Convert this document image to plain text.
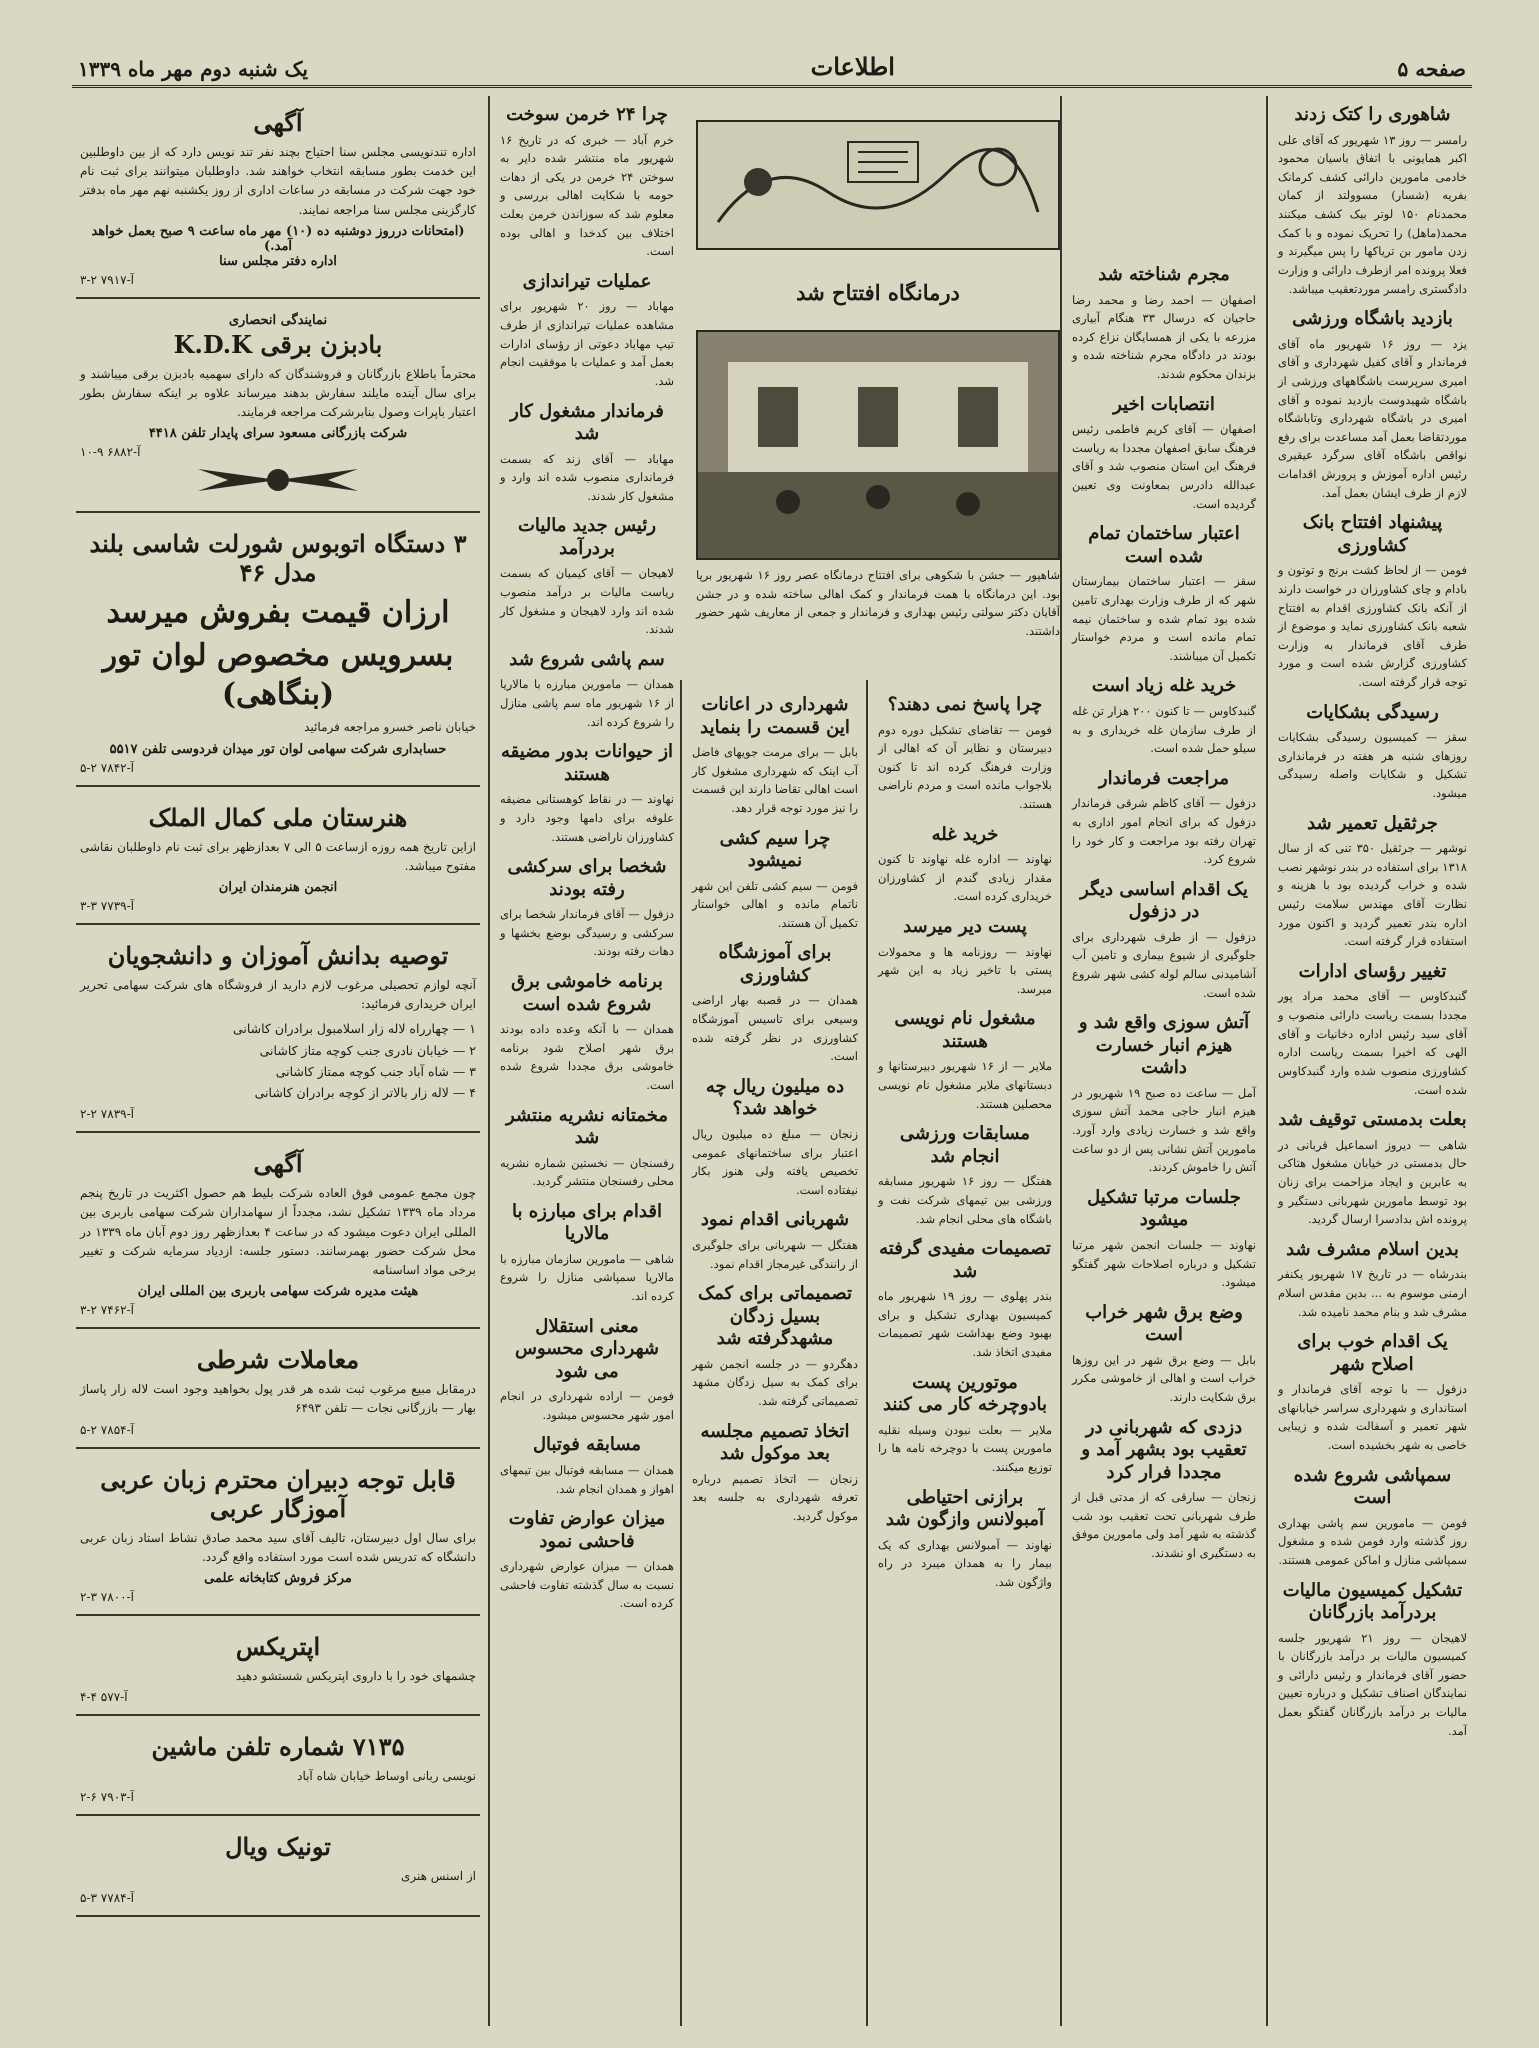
صفحه ۵
اطلاعات
یک شنبه دوم مهر ماه ۱۳۳۹
شاهوری را کتک زدند

رامسر — روز ۱۳ شهریور که آقای علی اکبر همایونی با اتفاق باسیان محمود خادمی مامورین دارائی کشف کرمانک بفریه (شسار) مسوولتد از کمان محمدنام ۱۵۰ لوتر بیک کشف میکنند محمد(ماهل) را تحریک نموده و با کمک زدن مامور بن تریاکها را پس میگیرند و فعلا پرونده امر ازطرف دارائی و وزارت دادگستری رامسر موردتعقیب میباشد.

بازدید باشگاه ورزشی

یزد — روز ۱۶ شهریور ماه آقای فرماندار و آقای کفیل شهرداری و آقای امیری سرپرست باشگاههای ورزشی از باشگاه شهیدوست بازدید نموده و آقای امیری در باشگاه شهرداری وتاباشگاه موردتقاضا بعمل آمد مساعدت برای رفع نواقص باشگاه آقای سرگرد عیقیری رئیس اداره آموزش و پرورش اقدامات لازم از طرف ایشان بعمل آمد.

پیشنهاد افتتاح بانک کشاورزی

فومن — از لحاظ کشت برنج و توتون و بادام و چای کشاورزان در خواست دارند از آنکه بانک کشاورزی اقدام به افتتاح شعبه بانک کشاورزی نماید و موضوع از طرف آقای فرماندار به وزارت کشاورزی گزارش شده است و مورد توجه قرار گرفته است.

رسیدگی بشکایات

سقز — کمیسیون رسیدگی بشکایات روزهای شنبه هر هفته در فرمانداری تشکیل و شکایات واصله رسیدگی میشود.

جرثقیل تعمیر شد

نوشهر — جرثقیل ۳۵۰ تنی که از سال ۱۳۱۸ برای استفاده در بندر نوشهر نصب شده و خراب گردیده بود با هزینه و نظارت آقای مهندس سلامت رئیس اداره بندر تعمیر گردید و اکنون مورد استفاده قرار گرفته است.

تغییر رؤسای ادارات

گنبدکاوس — آقای محمد مراد پور مجددا بسمت ریاست دارائی منصوب و آقای سید رئیس اداره دخانیات و آقای الهی که اخیرا بسمت ریاست اداره کشاورزی منصوب شده وارد گنبدکاوس شده است.

بعلت بدمستی توقیف شد

شاهی — دیروز اسماعیل قربانی در حال بدمستی در خیابان مشغول هتاکی به عابرین و ایجاد مزاحمت برای زنان بود توسط مامورین شهربانی دستگیر و پرونده اش بدادسرا ارسال گردید.

بدین اسلام مشرف شد

بندرشاه — در تاریخ ۱۷ شهریور یکنفر ارمنی موسوم به ... بدین مقدس اسلام مشرف شد و بنام محمد نامیده شد.

یک اقدام خوب برای اصلاح شهر

دزفول — با توجه آقای فرماندار و استانداری و شهرداری سراسر خیابانهای شهر تعمیر و آسفالت شده و زیبایی خاصی به شهر بخشیده است.

سمپاشی شروع شده است

فومن — مامورین سم پاشی بهداری روز گذشته وارد فومن شده و مشغول سمپاشی منازل و اماکن عمومی هستند.

تشکیل کمیسیون مالیات بردرآمد بازرگانان

لاهیجان — روز ۲۱ شهریور جلسه کمیسیون مالیات بر درآمد بازرگانان با حضور آقای فرماندار و رئیس دارائی و نمایندگان اصناف تشکیل و درباره تعیین مالیات بر درآمد بازرگانان گفتگو بعمل آمد.

مجرم شناخته شد

اصفهان — احمد رضا و محمد رضا حاجیان که درسال ۳۳ هنگام آبیاری مزرعه با یکی از همسایگان نزاع کرده بودند در دادگاه مجرم شناخته شده و بزندان محکوم شدند.

انتصابات اخیر

اصفهان — آقای کریم فاطمی رئیس فرهنگ سابق اصفهان مجددا به ریاست فرهنگ این استان منصوب شد و آقای عبدالله دادرس بمعاونت وی تعیین گردیده است.

اعتبار ساختمان تمام شده است

سقز — اعتبار ساختمان بیمارستان شهر که از طرف وزارت بهداری تامین شده بود تمام شده و ساختمان نیمه تمام مانده است و مردم خواستار تکمیل آن میباشند.

خرید غله زیاد است

گنبدکاوس — تا کنون ۲۰۰ هزار تن غله از طرف سازمان غله خریداری و به سیلو حمل شده است.

مراجعت فرماندار

دزفول — آقای کاظم شرقی فرماندار دزفول که برای انجام امور اداری به تهران رفته بود مراجعت و کار خود را شروع کرد.

یک اقدام اساسی دیگر در دزفول

دزفول — از طرف شهرداری برای جلوگیری از شیوع بیماری و تامین آب آشامیدنی سالم لوله کشی شهر شروع شده است.

آتش سوزی واقع شد و هیزم انبار خسارت داشت

آمل — ساعت ده صبح ۱۹ شهریور در هیزم انبار حاجی محمد آتش سوزی واقع شد و خسارت زیادی وارد آورد. مامورین آتش نشانی پس از دو ساعت آتش را خاموش کردند.

جلسات مرتبا تشکیل میشود

نهاوند — جلسات انجمن شهر مرتبا تشکیل و درباره اصلاحات شهر گفتگو میشود.

وضع برق شهر خراب است

بابل — وضع برق شهر در این روزها خراب است و اهالی از خاموشی مکرر برق شکایت دارند.

دزدی که شهربانی در تعقیب بود بشهر آمد و مجددا فرار کرد

زنجان — سارقی که از مدتی قبل از طرف شهربانی تحت تعقیب بود شب گذشته به شهر آمد ولی مامورین موفق به دستگیری او نشدند.

درمانگاه افتتاح شد
شاهپور — جشن با شکوهی برای افتتاح درمانگاه عصر روز ۱۶ شهریور برپا بود. این درمانگاه با همت فرماندار و کمک اهالی ساخته شده و در جشن آقایان دکتر سولتی رئیس بهداری و فرماندار و جمعی از معاریف شهر حضور داشتند.
چرا پاسخ نمی دهند؟

فومن — تقاضای تشکیل دوره دوم دبیرستان و نظایر آن که اهالی از وزارت فرهنگ کرده اند تا کنون بلاجواب مانده است و مردم ناراضی هستند.

خرید غله

نهاوند — اداره غله نهاوند تا کنون مقدار زیادی گندم از کشاورزان خریداری کرده است.

پست دیر میرسد

نهاوند — روزنامه ها و محمولات پستی با تاخیر زیاد به این شهر میرسد.

مشغول نام نویسی هستند

ملایر — از ۱۶ شهریور دبیرستانها و دبستانهای ملایر مشغول نام نویسی محصلین هستند.

مسابقات ورزشی انجام شد

هفتگل — روز ۱۶ شهریور مسابقه ورزشی بین تیمهای شرکت نفت و باشگاه های محلی انجام شد.

تصمیمات مفیدی گرفته شد

بندر پهلوی — روز ۱۹ شهریور ماه کمیسیون بهداری تشکیل و برای بهبود وضع بهداشت شهر تصمیمات مفیدی اتخاذ شد.

موتورین پست بادوچرخه کار می کنند

ملایر — بعلت نبودن وسیله نقلیه مامورین پست با دوچرخه نامه ها را توزیع میکنند.

برازنی احتیاطی آمبولانس وازگون شد

نهاوند — آمبولانس بهداری که یک بیمار را به همدان میبرد در راه واژگون شد.

شهرداری در اعانات این قسمت را بنماید

بابل — برای مرمت جویهای فاضل آب اینک که شهرداری مشغول کار است اهالی تقاضا دارند این قسمت را نیز مورد توجه قرار دهد.

چرا سیم کشی نمیشود

فومن — سیم کشی تلفن این شهر ناتمام مانده و اهالی خواستار تکمیل آن هستند.

برای آموزشگاه کشاورزی

همدان — در قصبه بهار اراضی وسیعی برای تاسیس آموزشگاه کشاورزی در نظر گرفته شده است.

ده میلیون ریال چه خواهد شد؟

زنجان — مبلغ ده میلیون ریال اعتبار برای ساختمانهای عمومی تخصیص یافته ولی هنوز بکار نیفتاده است.

شهربانی اقدام نمود

هفتگل — شهربانی برای جلوگیری از رانندگی غیرمجاز اقدام نمود.

تصمیماتی برای کمک بسیل زدگان مشهدگرفته شد

دهگردو — در جلسه انجمن شهر برای کمک به سیل زدگان مشهد تصمیماتی گرفته شد.

اتخاذ تصمیم مجلسه بعد موکول شد

زنجان — اتخاذ تصمیم درباره تعرفه شهرداری به جلسه بعد موکول گردید.

چرا ۲۴ خرمن سوخت

خرم آباد — خبری که در تاریخ ۱۶ شهریور ماه منتشر شده دایر به سوختن ۲۴ خرمن در یکی از دهات حومه با شکایت اهالی بررسی و معلوم شد که سوزاندن خرمن بعلت اختلاف بین کدخدا و اهالی بوده است.

عملیات تیراندازی

مهاباد — روز ۲۰ شهریور برای مشاهده عملیات تیراندازی از طرف تیپ مهاباد دعوتی از رؤسای ادارات بعمل آمد و عملیات با موفقیت انجام شد.

فرماندار مشغول کار شد

مهاباد — آقای زند که بسمت فرمانداری منصوب شده اند وارد و مشغول کار شدند.

رئیس جدید مالیات بردرآمد

لاهیجان — آقای کیمیان که بسمت ریاست مالیات بر درآمد منصوب شده اند وارد لاهیجان و مشغول کار شدند.

سم پاشی شروع شد

همدان — مامورین مبارزه با مالاریا از ۱۶ شهریور ماه سم پاشی منازل را شروع کرده اند.

از حیوانات بدور مضیقه هستند

نهاوند — در نقاط کوهستانی مضیقه علوفه برای دامها وجود دارد و کشاورزان ناراضی هستند.

شخصا برای سرکشی رفته بودند

دزفول — آقای فرماندار شخصا برای سرکشی و رسیدگی بوضع بخشها و دهات رفته بودند.

برنامه خاموشی برق شروع شده است

همدان — با آنکه وعده داده بودند برق شهر اصلاح شود برنامه خاموشی برق مجددا شروع شده است.

مخمتانه نشریه منتشر شد

رفسنجان — نخستین شماره نشریه محلی رفسنجان منتشر گردید.

اقدام برای مبارزه با مالاریا

شاهی — مامورین سازمان مبارزه با مالاریا سمپاشی منازل را شروع کرده اند.

معنی استقلال شهرداری محسوس می شود

فومن — اراده شهرداری در انجام امور شهر محسوس میشود.

مسابقه فوتبال

همدان — مسابقه فوتبال بین تیمهای اهواز و همدان انجام شد.

میزان عوارض تفاوت فاحشی نمود

همدان — میزان عوارض شهرداری نسبت به سال گذشته تفاوت فاحشی کرده است.

آگهی

اداره تندنویسی مجلس سنا احتیاج بچند نفر تند نویس دارد که از بین داوطلبین این خدمت بطور مسابقه انتخاب خواهند شد. داوطلبان میتوانند برای ثبت نام خود جهت شرکت در مسابقه در ساعات اداری از روز یکشنبه نهم مهر ماه بدفتر کارگزینی مجلس سنا مراجعه نمایند.

(امتحانات درروز دوشنبه ده (۱۰) مهر ماه ساعت ۹ صبح بعمل خواهد آمد.)
اداره دفتر مجلس سنا
آ-۷۹۱۷ ۲-۳
نمایندگی انحصاری
بادبزن برقی K.D.K

محترماً باطلاع بازرگانان و فروشندگان که دارای سهمیه بادبزن برقی میباشند و برای سال آینده مایلند سفارش بدهند میرساند علاوه بر اینکه سفارش بطور اعتبار باپرات وصول بنابرشرکت مراجعه فرمایند.

شرکت بازرگانی مسعود سرای پایدار تلفن ۴۴۱۸
آ-۶۸۸۲ ۹-۱۰
۳ دستگاه اتوبوس شورلت شاسی بلند مدل ۴۶
ارزان قیمت بفروش میرسد
بسرویس مخصوص لوان تور (بنگاهی)

خیابان ناصر خسرو مراجعه فرمائید

حسابداری شرکت سهامی لوان تور میدان فردوسی تلفن ۵۵۱۷
آ-۷۸۴۲ ۲-۵
هنرستان ملی کمال الملک

ازاین تاریخ همه روزه ازساعت ۵ الی ۷ بعدازظهر برای ثبت نام داوطلبان نقاشی مفتوح میباشد.

انجمن هنرمندان ایران
آ-۷۷۳۹ ۳-۳
توصیه بدانش آموزان و دانشجویان

آنچه لوازم تحصیلی مرغوب لازم دارید از فروشگاه های شرکت سهامی تحریر ایران خریداری فرمائید:

۱ — چهارراه لاله زار اسلامبول برادران کاشانی
۲ — خیابان نادری جنب کوچه متاز کاشانی
۳ — شاه آباد جنب کوچه ممتاز کاشانی
۴ — لاله زار بالاتر از کوچه برادران کاشانی
آ-۷۸۳۹ ۲-۲
آگهی

چون مجمع عمومی فوق العاده شرکت بلیط هم حصول اکثریت در تاریخ پنجم مرداد ماه ۱۳۳۹ تشکیل نشد، مجدداً از سهامداران شرکت سهامی باربری بین المللی ایران دعوت میشود که در ساعت ۴ بعدازظهر روز دوم آبان ماه ۱۳۳۹ در محل شرکت حضور بهمرسانند. دستور جلسه: ازدیاد سرمایه شرکت و تغییر برخی مواد اساسنامه

هیئت مدیره شرکت سهامی باربری بین المللی ایران
آ-۷۴۶۲ ۲-۳
معاملات شرطی

درمقابل مبیع مرغوب ثبت شده هر قدر پول بخواهید وجود است لاله زار پاساژ بهار — بازرگانی نجات — تلفن ۶۴۹۳

آ-۷۸۵۴ ۲-۵
قابل توجه دبیران محترم زبان عربی آموزگار عربی

برای سال اول دبیرستان، تالیف آقای سید محمد صادق نشاط استاد زبان عربی دانشگاه که تدریس شده است مورد استفاده واقع گردد.

مرکز فروش کتابخانه علمی
آ-۷۸۰۰ ۳-۲
اپتریکس

چشمهای خود را با داروی اپتریکس شستشو دهید

آ-۵۷۷ ۴-۴
۷۱۳۵ شماره تلفن ماشین

نویسی ربانی اوساط خیابان شاه آباد

آ-۷۹۰۳ ۶-۲
تونیک ویال

از اسنس هنری

آ-۷۷۸۴ ۳-۵
